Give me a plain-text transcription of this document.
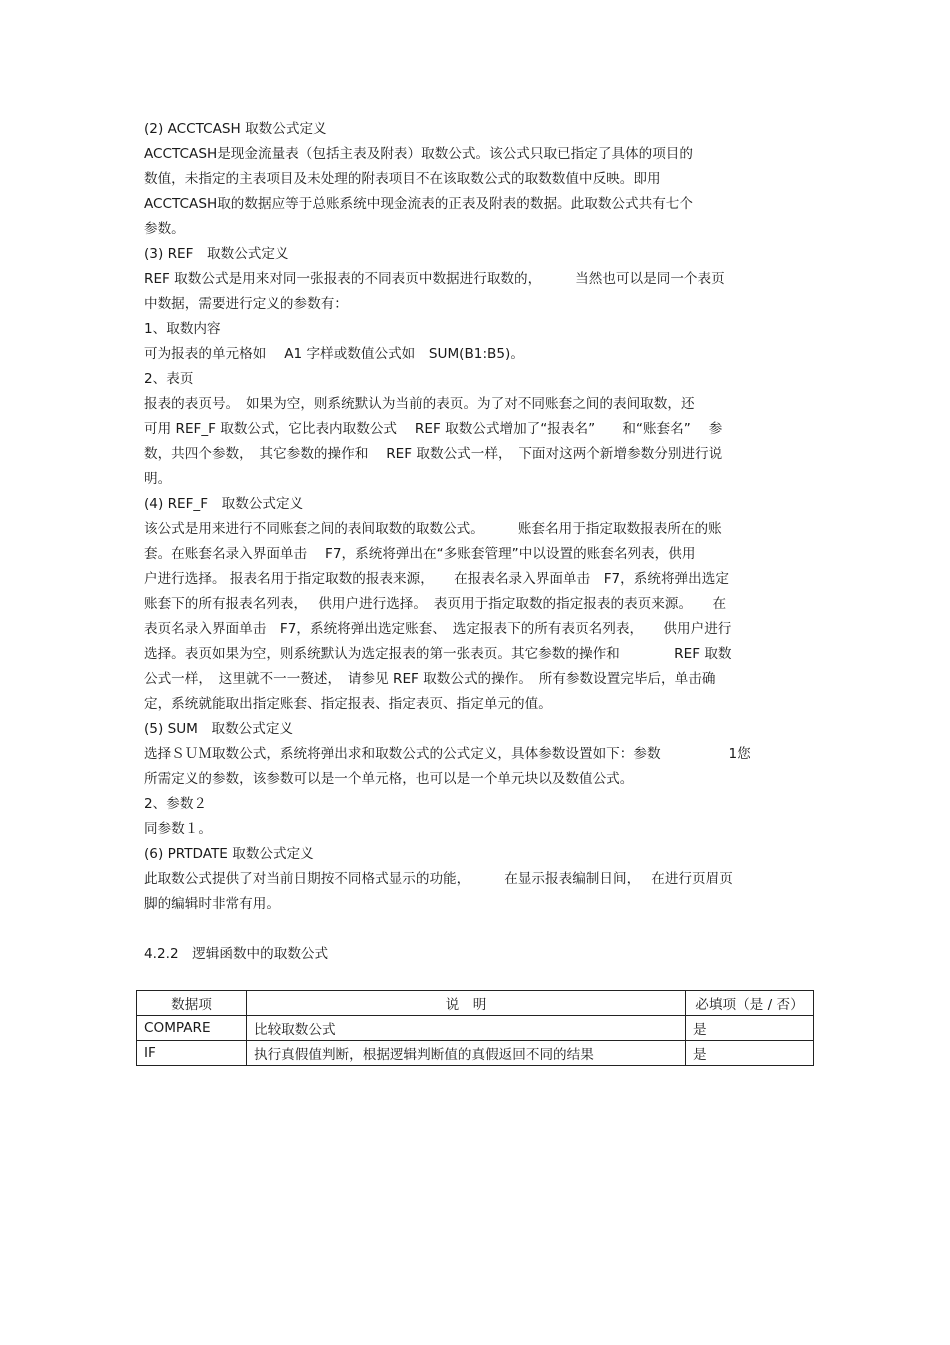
(2) ACCTCASH 取数公式定义
ACCTCASH是现金流量表（包括主表及附表）取数公式。该公式只取已指定了具体的项目的
数值，未指定的主表项目及未处理的附表项目不在该取数公式的取数数值中反映。即用
ACCTCASH取的数据应等于总账系统中现金流表的正表及附表的数据。此取数公式共有七个
参数。
(3) REF　取数公式定义
REF 取数公式是用来对同一张报表的不同表页中数据进行取数的，　　　当然也可以是同一个表页
中数据，需要进行定义的参数有：
1、取数内容
可为报表的单元格如　 A1 字样或数值公式如　SUM(B1:B5)。
2、表页
报表的表页号。　如果为空，则系统默认为当前的表页。为了对不同账套之间的表间取数，还
可用 REF_F 取数公式，它比表内取数公式　 REF 取数公式增加了“报表名”　　和“账套名”　 参
数，共四个参数，　其它参数的操作和　 REF 取数公式一样，　下面对这两个新增参数分别进行说
明。
(4) REF_F　取数公式定义
该公式是用来进行不同账套之间的表间取数的取数公式。　　　账套名用于指定取数报表所在的账
套。在账套名录入界面单击　 F7，系统将弹出在“多账套管理”中以设置的账套名列表，供用
户进行选择。 报表名用于指定取数的报表来源，　　在报表名录入界面单击　F7，系统将弹出选定
账套下的所有报表名列表，　 供用户进行选择。　表页用于指定取数的指定报表的表页来源。　　在
表页名录入界面单击　F7，系统将弹出选定账套、　选定报表下的所有表页名列表，　　供用户进行
选择。表页如果为空，则系统默认为选定报表的第一张表页。其它参数的操作和　　　　REF 取数
公式一样，　这里就不一一赘述，　请参见 REF 取数公式的操作。　所有参数设置完毕后，单击确
定，系统就能取出指定账套、指定报表、指定表页、指定单元的值。
(5) SUM　取数公式定义
选择ＳＵＭ取数公式，系统将弹出求和取数公式的公式定义，具体参数设置如下：参数　　　　　1您
所需定义的参数，该参数可以是一个单元格，也可以是一个单元块以及数值公式。
2、参数２
同参数１。
(6) PRTDATE 取数公式定义
此取数公式提供了对当前日期按不同格式显示的功能，　　　在显示报表编制日间，　 在进行页眉页
脚的编辑时非常有用。
4.2.2　逻辑函数中的取数公式
数据项	说　明	必填项（是 / 否）
COMPARE	比较取数公式	是
IF	执行真假值判断，根据逻辑判断值的真假返回不同的结果	是
